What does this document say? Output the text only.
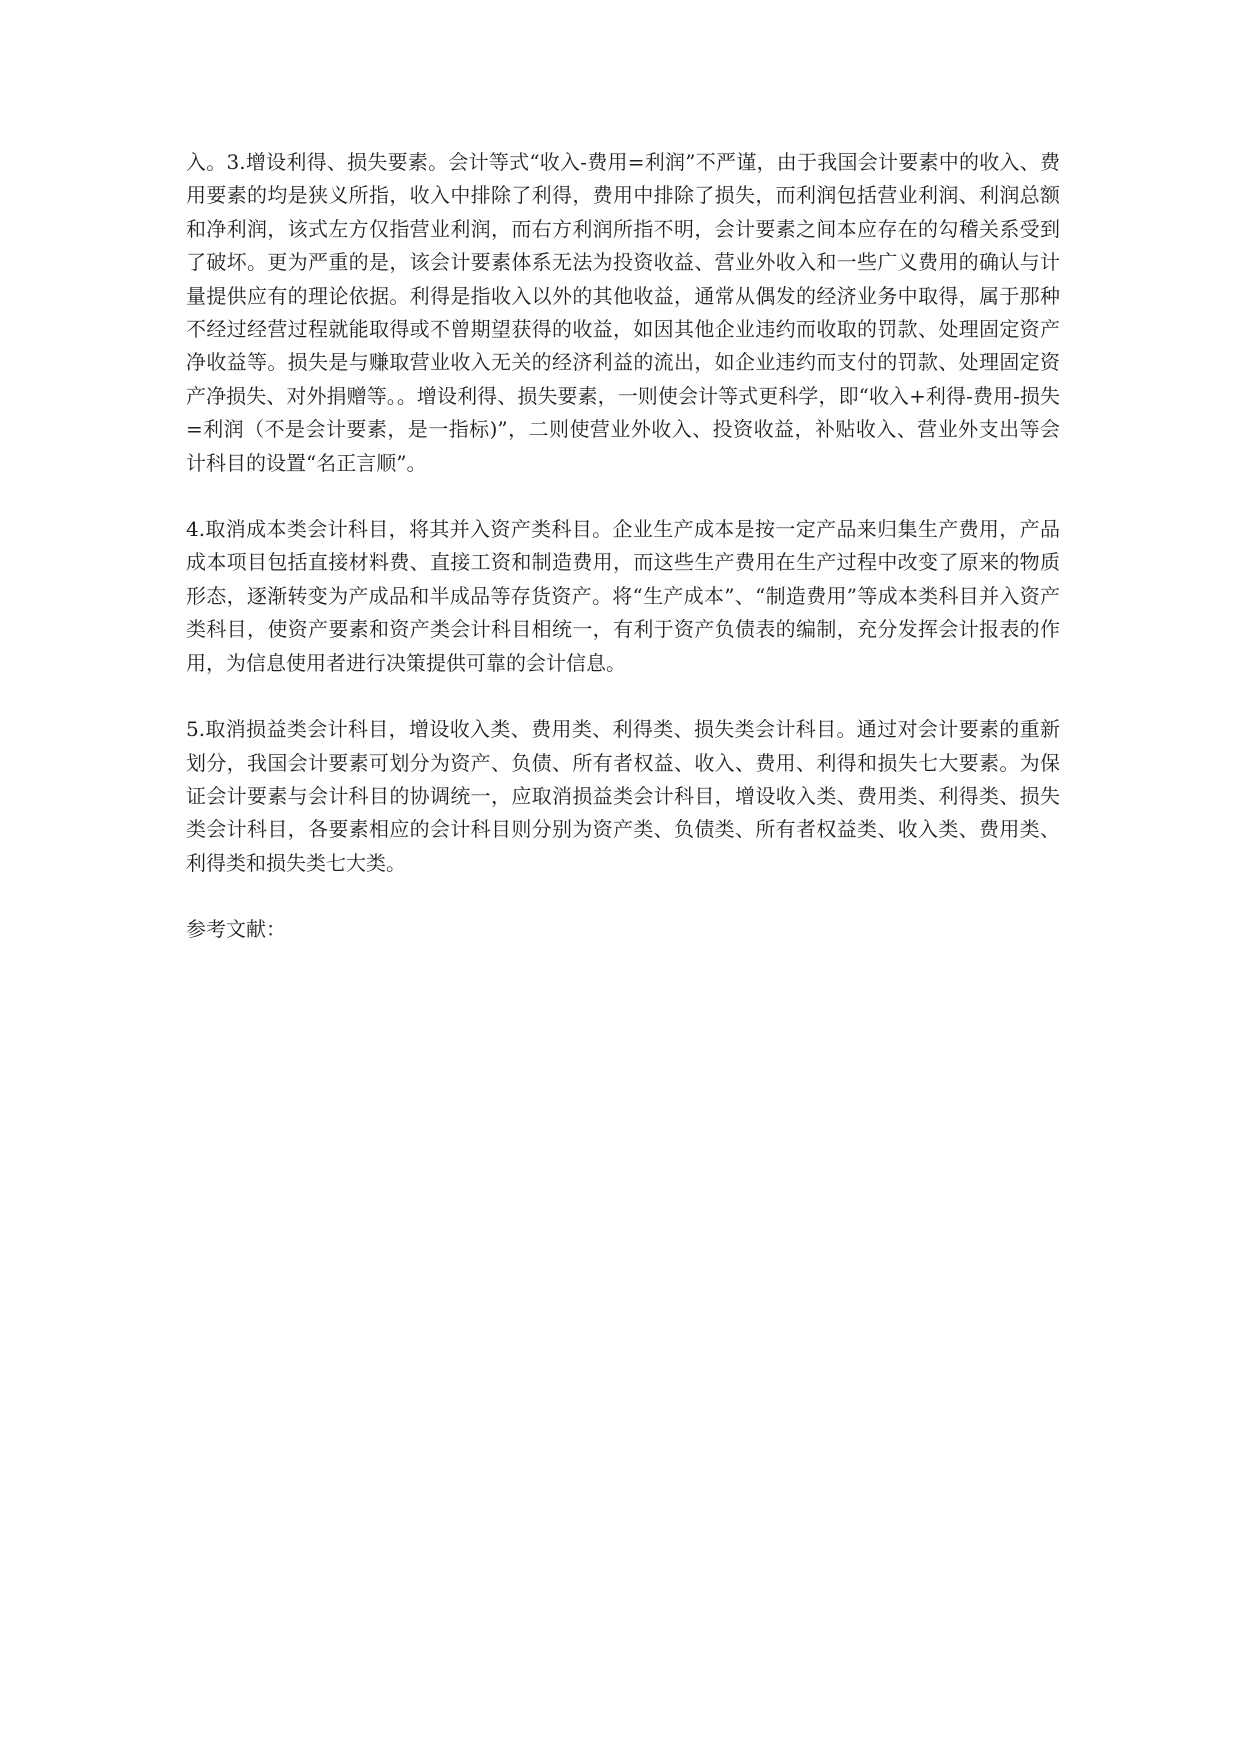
入。3.增设利得、损失要素。会计等式“收入-费用=利润”不严谨，由于我国会计要素中的收入、费用要素的均是狭义所指，收入中排除了利得，费用中排除了损失，而利润包括营业利润、利润总额和净利润，该式左方仅指营业利润，而右方利润所指不明，会计要素之间本应存在的勾稽关系受到了破坏。更为严重的是，该会计要素体系无法为投资收益、营业外收入和一些广义费用的确认与计量提供应有的理论依据。利得是指收入以外的其他收益，通常从偶发的经济业务中取得，属于那种不经过经营过程就能取得或不曾期望获得的收益，如因其他企业违约而收取的罚款、处理固定资产净收益等。损失是与赚取营业收入无关的经济利益的流出，如企业违约而支付的罚款、处理固定资产净损失、对外捐赠等。。增设利得、损失要素，一则使会计等式更科学，即“收入+利得-费用-损失=利润（不是会计要素，是一指标)”，二则使营业外收入、投资收益，补贴收入、营业外支出等会计科目的设置“名正言顺”。

4.取消成本类会计科目，将其并入资产类科目。企业生产成本是按一定产品来归集生产费用，产品成本项目包括直接材料费、直接工资和制造费用，而这些生产费用在生产过程中改变了原来的物质形态，逐渐转变为产成品和半成品等存货资产。将“生产成本”、“制造费用”等成本类科目并入资产类科目，使资产要素和资产类会计科目相统一，有利于资产负债表的编制，充分发挥会计报表的作用，为信息使用者进行决策提供可靠的会计信息。

5.取消损益类会计科目，增设收入类、费用类、利得类、损失类会计科目。通过对会计要素的重新划分，我国会计要素可划分为资产、负债、所有者权益、收入、费用、利得和损失七大要素。为保证会计要素与会计科目的协调统一，应取消损益类会计科目，增设收入类、费用类、利得类、损失类会计科目，各要素相应的会计科目则分别为资产类、负债类、所有者权益类、收入类、费用类、利得类和损失类七大类。

参考文献：
